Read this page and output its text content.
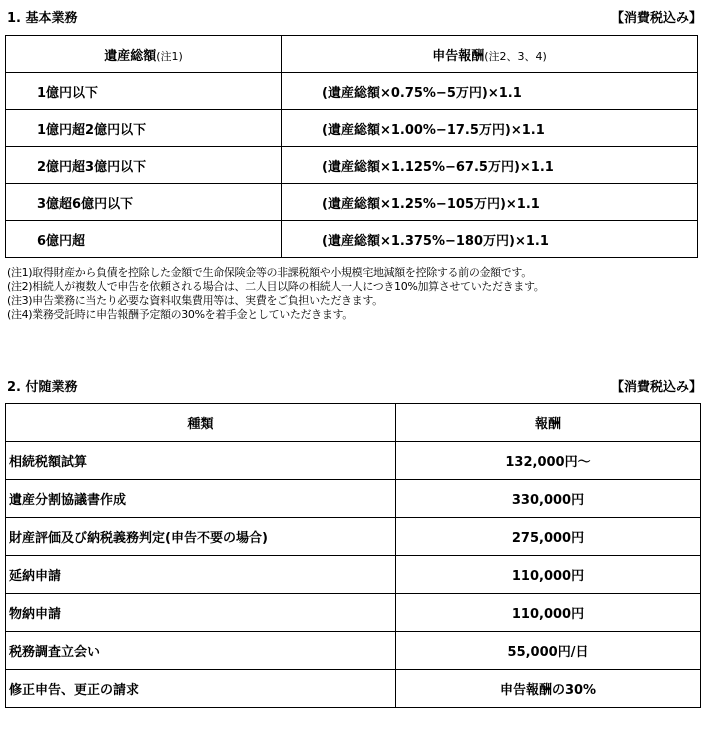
1. 基本業務	【消費税込み】
遺産総額(注1)	申告報酬(注2、3、4)
1億円以下	(遺産総額×0.75%−5万円)×1.1
1億円超2億円以下	(遺産総額×1.00%−17.5万円)×1.1
2億円超3億円以下	(遺産総額×1.125%−67.5万円)×1.1
3億超6億円以下	(遺産総額×1.25%−105万円)×1.1
6億円超	(遺産総額×1.375%−180万円)×1.1
(注1)取得財産から負債を控除した金額で生命保険金等の非課税額や小規模宅地減額を控除する前の金額です。
(注2)相続人が複数人で申告を依頼される場合は、二人目以降の相続人一人につき10%加算させていただきます。
(注3)申告業務に当たり必要な資料収集費用等は、実費をご負担いただきます。
(注4)業務受託時に申告報酬予定額の30%を着手金としていただきます。
2. 付随業務	【消費税込み】
種類	報酬
相続税額試算	132,000円〜
遺産分割協議書作成	330,000円
財産評価及び納税義務判定(申告不要の場合)	275,000円
延納申請	110,000円
物納申請	110,000円
税務調査立会い	55,000円/日
修正申告、更正の請求	申告報酬の30%
